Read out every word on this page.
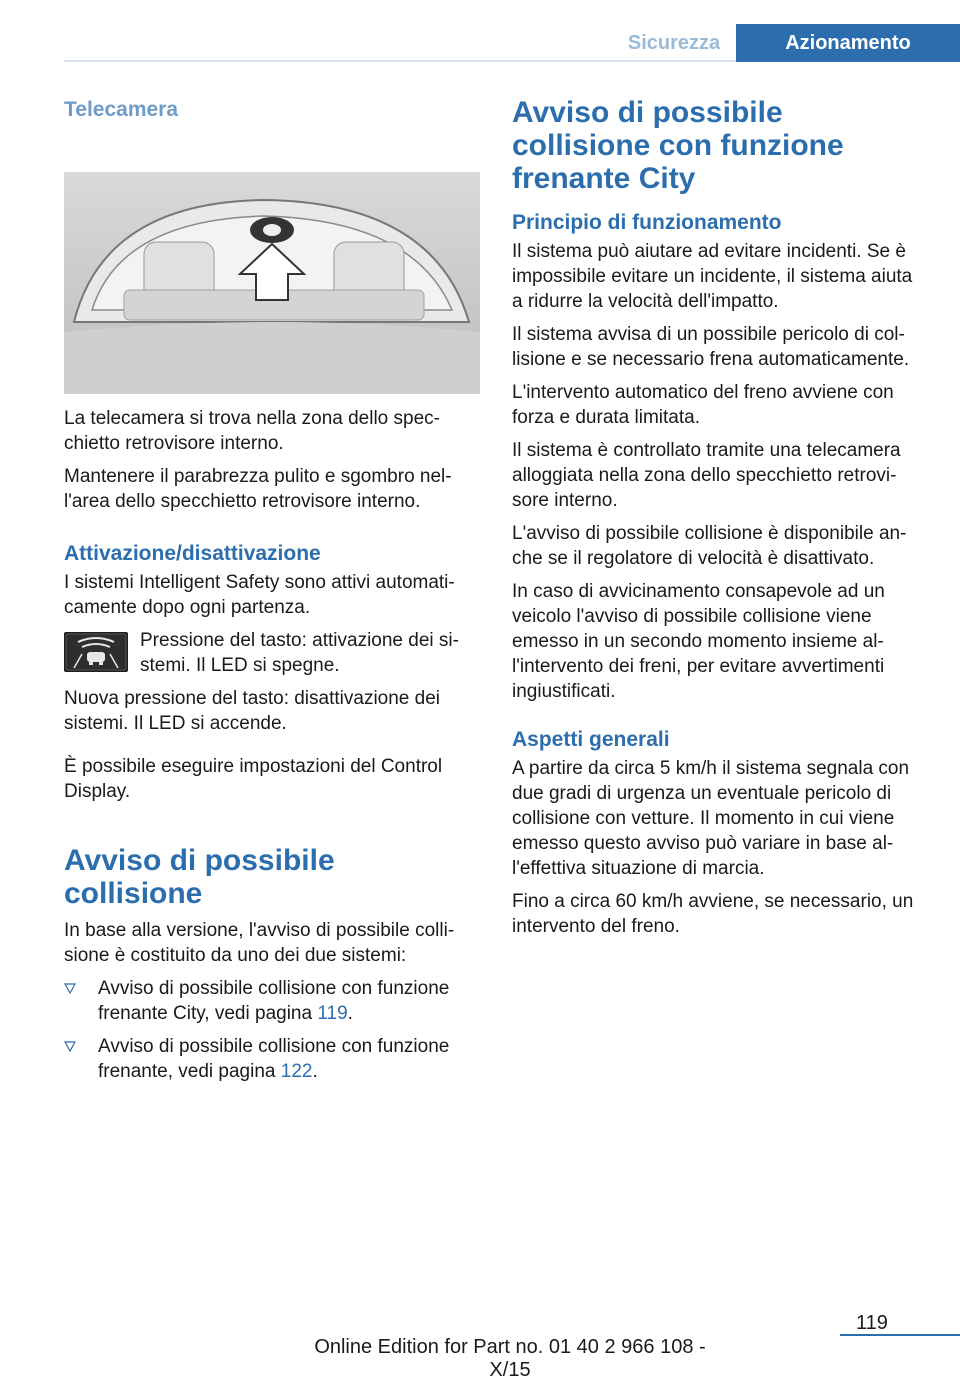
Sicurezza	Azionamento
Telecamera

La telecamera si trova nella zona dello spec-chietto retrovisore interno.

Mantenere il parabrezza pulito e sgombro nel-l'area dello specchietto retrovisore interno.

Attivazione/disattivazione

I sistemi Intelligent Safety sono attivi automati-camente dopo ogni partenza.

Pressione del tasto: attivazione dei si-stemi. Il LED si spegne.

Nuova pressione del tasto: disattivazione dei sistemi. Il LED si accende.

È possibile eseguire impostazioni del Control Display.

Avviso di possibile collisione

In base alla versione, l'avviso di possibile colli-sione è costituito da uno dei due sistemi:

Avviso di possibile collisione con funzione frenante City, vedi pagina 119.
Avviso di possibile collisione con funzione frenante, vedi pagina 122.
Avviso di possibile collisione con funzione frenante City
Principio di funzionamento

Il sistema può aiutare ad evitare incidenti. Se è impossibile evitare un incidente, il sistema aiuta a ridurre la velocità dell'impatto.

Il sistema avvisa di un possibile pericolo di col-lisione e se necessario frena automaticamente.

L'intervento automatico del freno avviene con forza e durata limitata.

Il sistema è controllato tramite una telecamera alloggiata nella zona dello specchietto retrovi-sore interno.

L'avviso di possibile collisione è disponibile an-che se il regolatore di velocità è disattivato.

In caso di avvicinamento consapevole ad un veicolo l'avviso di possibile collisione viene emesso in un secondo momento insieme al-l'intervento dei freni, per evitare avvertimenti ingiustificati.

Aspetti generali

A partire da circa 5 km/h il sistema segnala con due gradi di urgenza un eventuale pericolo di collisione con vetture. Il momento in cui viene emesso questo avviso può variare in base al-l'effettiva situazione di marcia.

Fino a circa 60 km/h avviene, se necessario, un intervento del freno.

119
Online Edition for Part no. 01 40 2 966 108 - X/15
